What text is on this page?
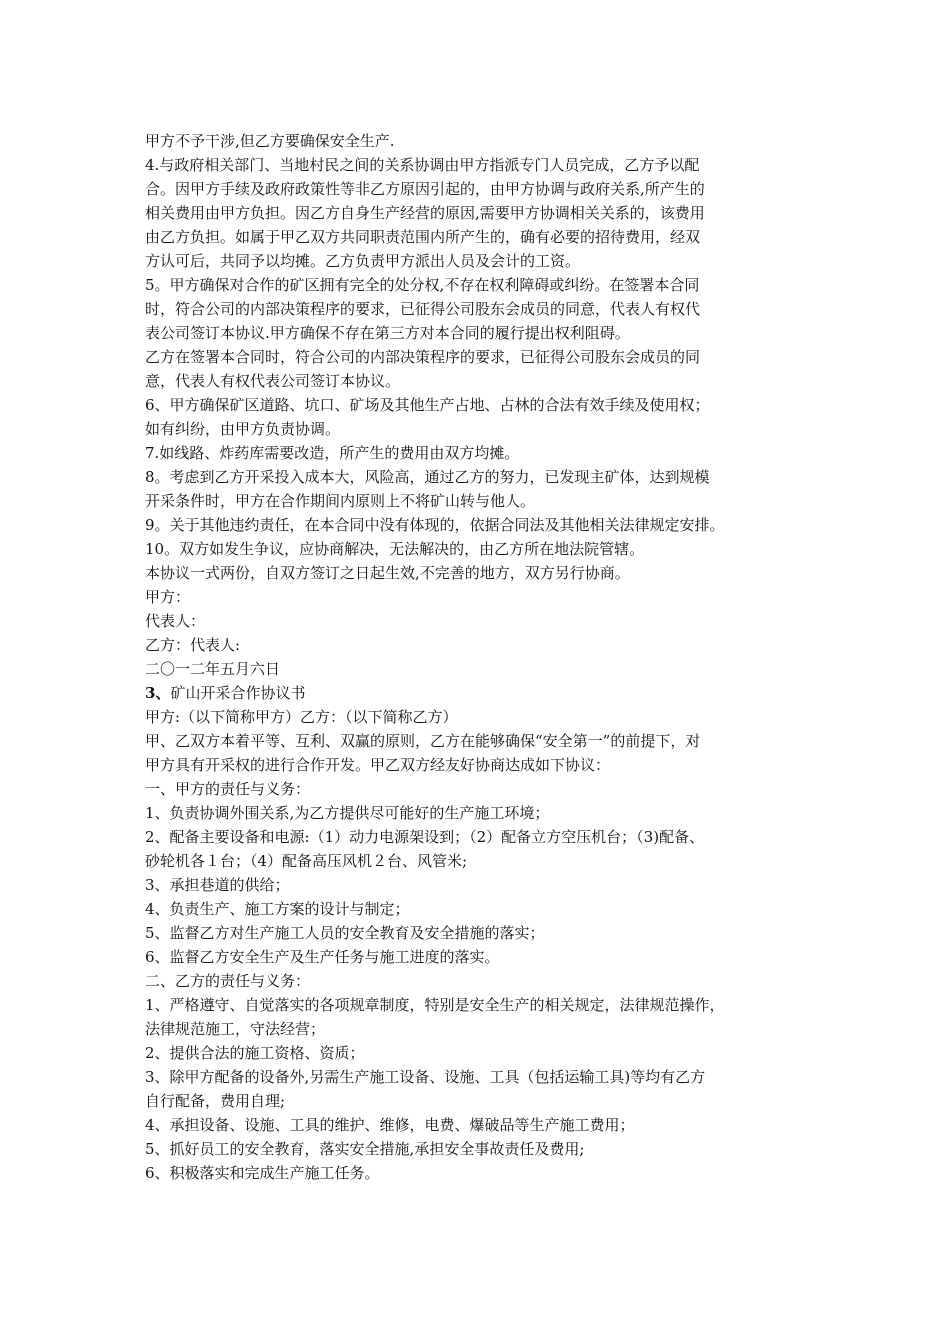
甲方不予干涉,但乙方要确保安全生产.
4.与政府相关部门、当地村民之间的关系协调由甲方指派专门人员完成，乙方予以配
合。因甲方手续及政府政策性等非乙方原因引起的，由甲方协调与政府关系,所产生的
相关费用由甲方负担。因乙方自身生产经营的原因,需要甲方协调相关关系的，该费用
由乙方负担。如属于甲乙双方共同职责范围内所产生的，确有必要的招待费用，经双
方认可后，共同予以均摊。乙方负责甲方派出人员及会计的工资。
5。甲方确保对合作的矿区拥有完全的处分权,不存在权利障碍或纠纷。在签署本合同
时，符合公司的内部决策程序的要求，已征得公司股东会成员的同意，代表人有权代
表公司签订本协议.甲方确保不存在第三方对本合同的履行提出权利阻碍。
乙方在签署本合同时，符合公司的内部决策程序的要求，已征得公司股东会成员的同
意，代表人有权代表公司签订本协议。
6、甲方确保矿区道路、坑口、矿场及其他生产占地、占林的合法有效手续及使用权；
如有纠纷，由甲方负责协调。
7.如线路、炸药库需要改造，所产生的费用由双方均摊。
8。考虑到乙方开采投入成本大，风险高，通过乙方的努力，已发现主矿体，达到规模
开采条件时，甲方在合作期间内原则上不将矿山转与他人。
9。关于其他违约责任，在本合同中没有体现的，依据合同法及其他相关法律规定安排。
10。双方如发生争议，应协商解决，无法解决的，由乙方所在地法院管辖。
本协议一式两份，自双方签订之日起生效,不完善的地方，双方另行协商。
甲方：
代表人：
乙方：代表人:
二〇一二年五月六日
3、矿山开采合作协议书
甲方:（以下简称甲方）乙方：（以下简称乙方）
甲、乙双方本着平等、互利、双赢的原则，乙方在能够确保“安全第一”的前提下，对
甲方具有开采权的进行合作开发。甲乙双方经友好协商达成如下协议：
一、甲方的责任与义务：
1、负责协调外围关系,为乙方提供尽可能好的生产施工环境；
2、配备主要设备和电源:（1）动力电源架设到；（2）配备立方空压机台；（3)配备、
砂轮机各１台；（4）配备高压风机２台、风管米;
3、承担巷道的供给；
4、负责生产、施工方案的设计与制定；
5、监督乙方对生产施工人员的安全教育及安全措施的落实；
6、监督乙方安全生产及生产任务与施工进度的落实。
二、乙方的责任与义务：
1、严格遵守、自觉落实的各项规章制度，特别是安全生产的相关规定，法律规范操作，
法律规范施工，守法经营；
2、提供合法的施工资格、资质；
3、除甲方配备的设备外,另需生产施工设备、设施、工具（包括运输工具)等均有乙方
自行配备，费用自理;
4、承担设备、设施、工具的维护、维修，电费、爆破品等生产施工费用；
5、抓好员工的安全教育，落实安全措施,承担安全事故责任及费用;
6、积极落实和完成生产施工任务。
